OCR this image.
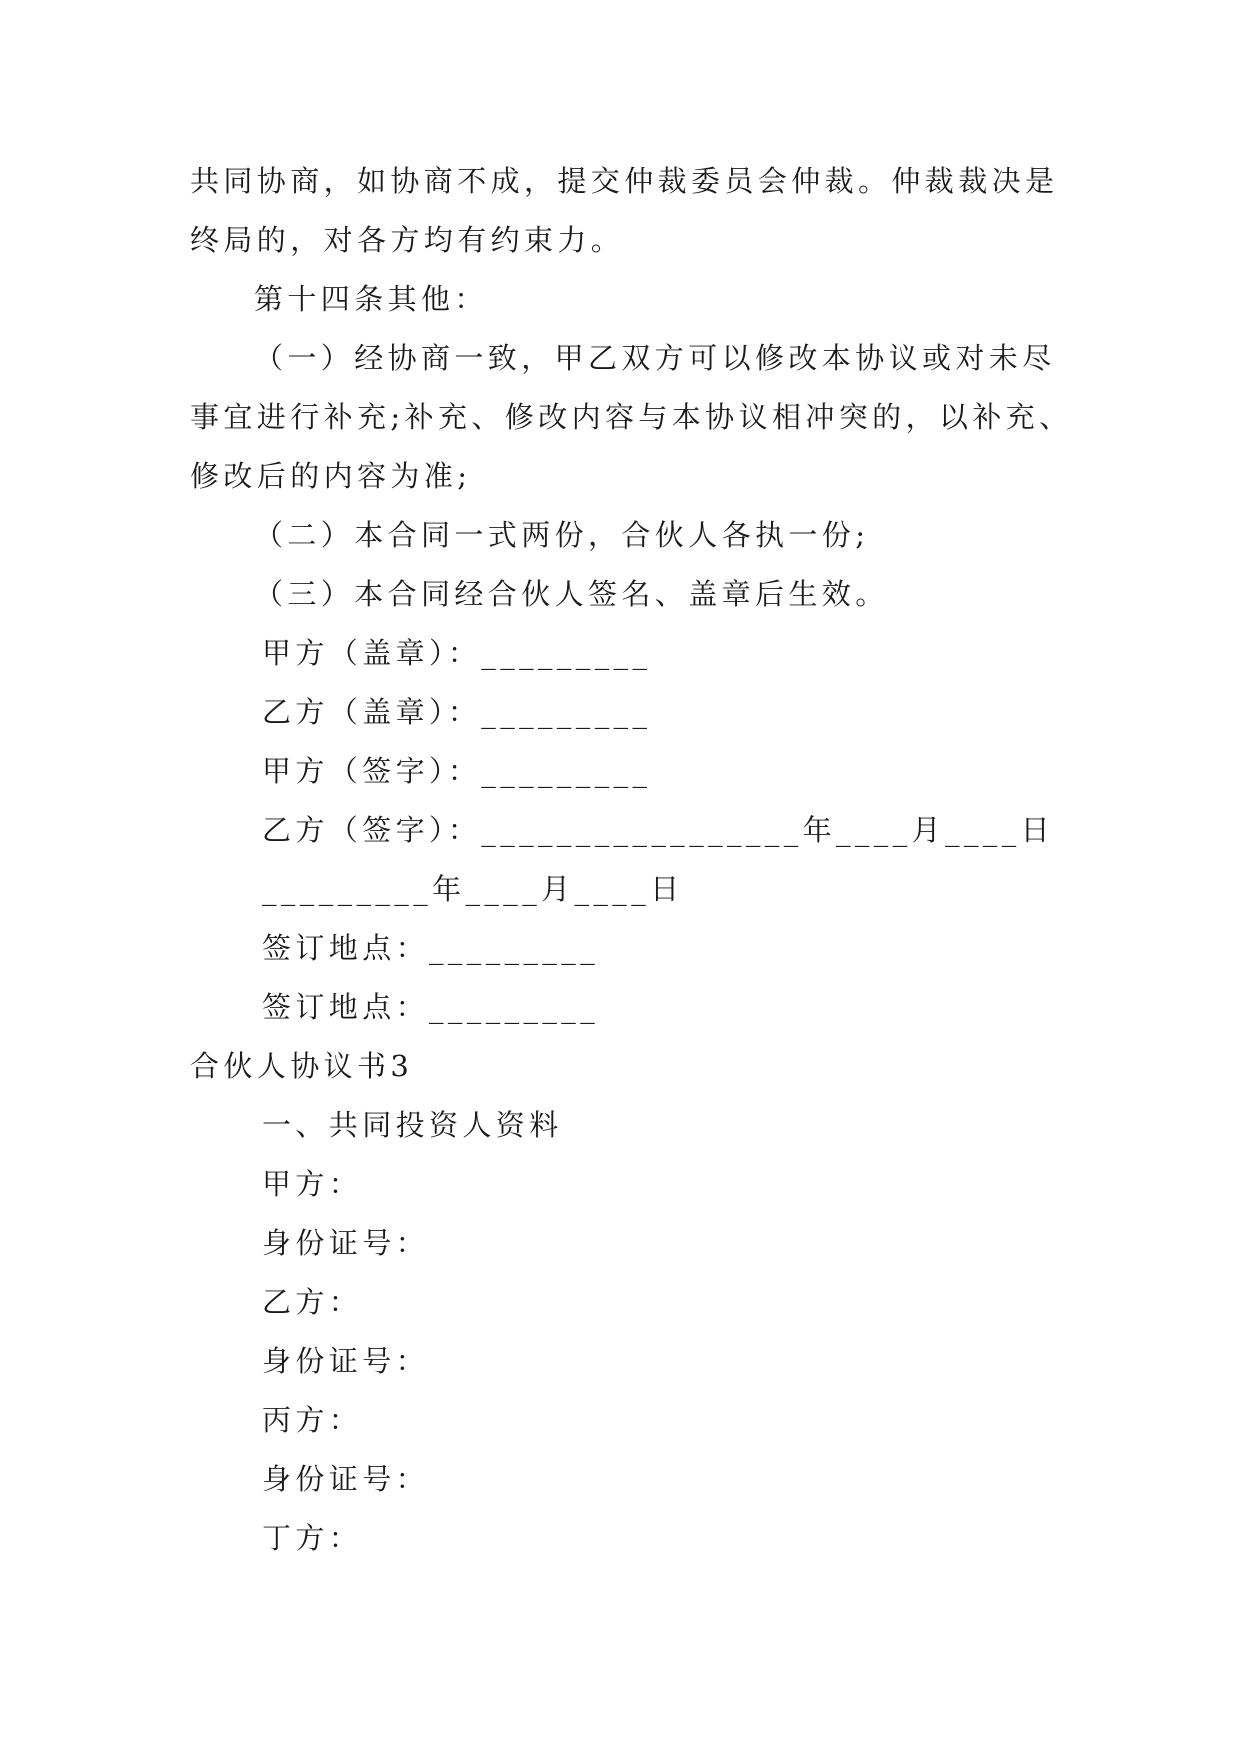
共同协商，如协商不成，提交仲裁委员会仲裁。仲裁裁决是

终局的，对各方均有约束力。

第十四条其他：

（一）经协商一致，甲乙双方可以修改本协议或对未尽

事宜进行补充;补充、修改内容与本协议相冲突的，以补充、

修改后的内容为准;

（二）本合同一式两份，合伙人各执一份;

（三）本合同经合伙人签名、盖章后生效。

甲方（盖章）：_________

乙方（盖章）：_________

甲方（签字）：_________

乙方（签字）：_________________年____月____日

_________年____月____日

签订地点：_________

签订地点：_________

合伙人协议书3

一、共同投资人资料

甲方：

身份证号：

乙方：

身份证号：

丙方：

身份证号：

丁方：
